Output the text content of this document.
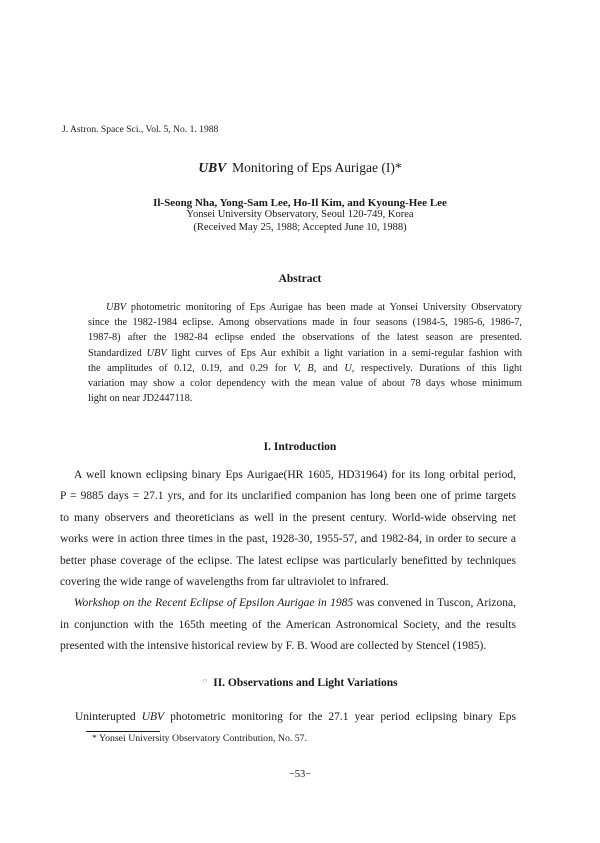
J. Astron. Space Sci., Vol. 5, No. 1. 1988
UBV Monitoring of Eps Aurigae (I)*
Il-Seong Nha, Yong-Sam Lee, Ho-Il Kim, and Kyoung-Hee Lee
Yonsei University Observatory, Seoul 120-749, Korea
(Received May 25, 1988; Accepted June 10, 1988)
Abstract
UBV photometric monitoring of Eps Aurigae has been made at Yonsei University Observatory
since the 1982-1984 eclipse. Among observations made in four seasons (1984-5, 1985-6, 1986-7,
1987-8) after the 1982-84 eclipse ended the observations of the latest season are presented.
Standardized UBV light curves of Eps Aur exhibit a light variation in a semi-regular fashion with
the amplitudes of 0.12, 0.19, and 0.29 for V, B, and U, respectively. Durations of this light
variation may show a color dependency with the mean value of about 78 days whose minimum
light on near JD2447118.
I. Introduction
A well known eclipsing binary Eps Aurigae(HR 1605, HD31964) for its long orbital period,
P = 9885 days = 27.1 yrs, and for its unclarified companion has long been one of prime targets
to many observers and theoreticians as well in the present century. World-wide observing net
works were in action three times in the past, 1928-30, 1955-57, and 1982-84, in order to secure a
better phase coverage of the eclipse. The latest eclipse was particularly benefitted by techniques
covering the wide range of wavelengths from far ultraviolet to infrared.
Workshop on the Recent Eclipse of Epsilon Aurigae in 1985 was convened in Tuscon, Arizona,
in conjunction with the 165th meeting of the American Astronomical Society, and the results
presented with the intensive historical review by F. B. Wood are collected by Stencel (1985).
○ II. Observations and Light Variations
Uninterupted UBV photometric monitoring for the 27.1 year period eclipsing binary Eps
* Yonsei University Observatory Contribution, No. 57.
−53−
